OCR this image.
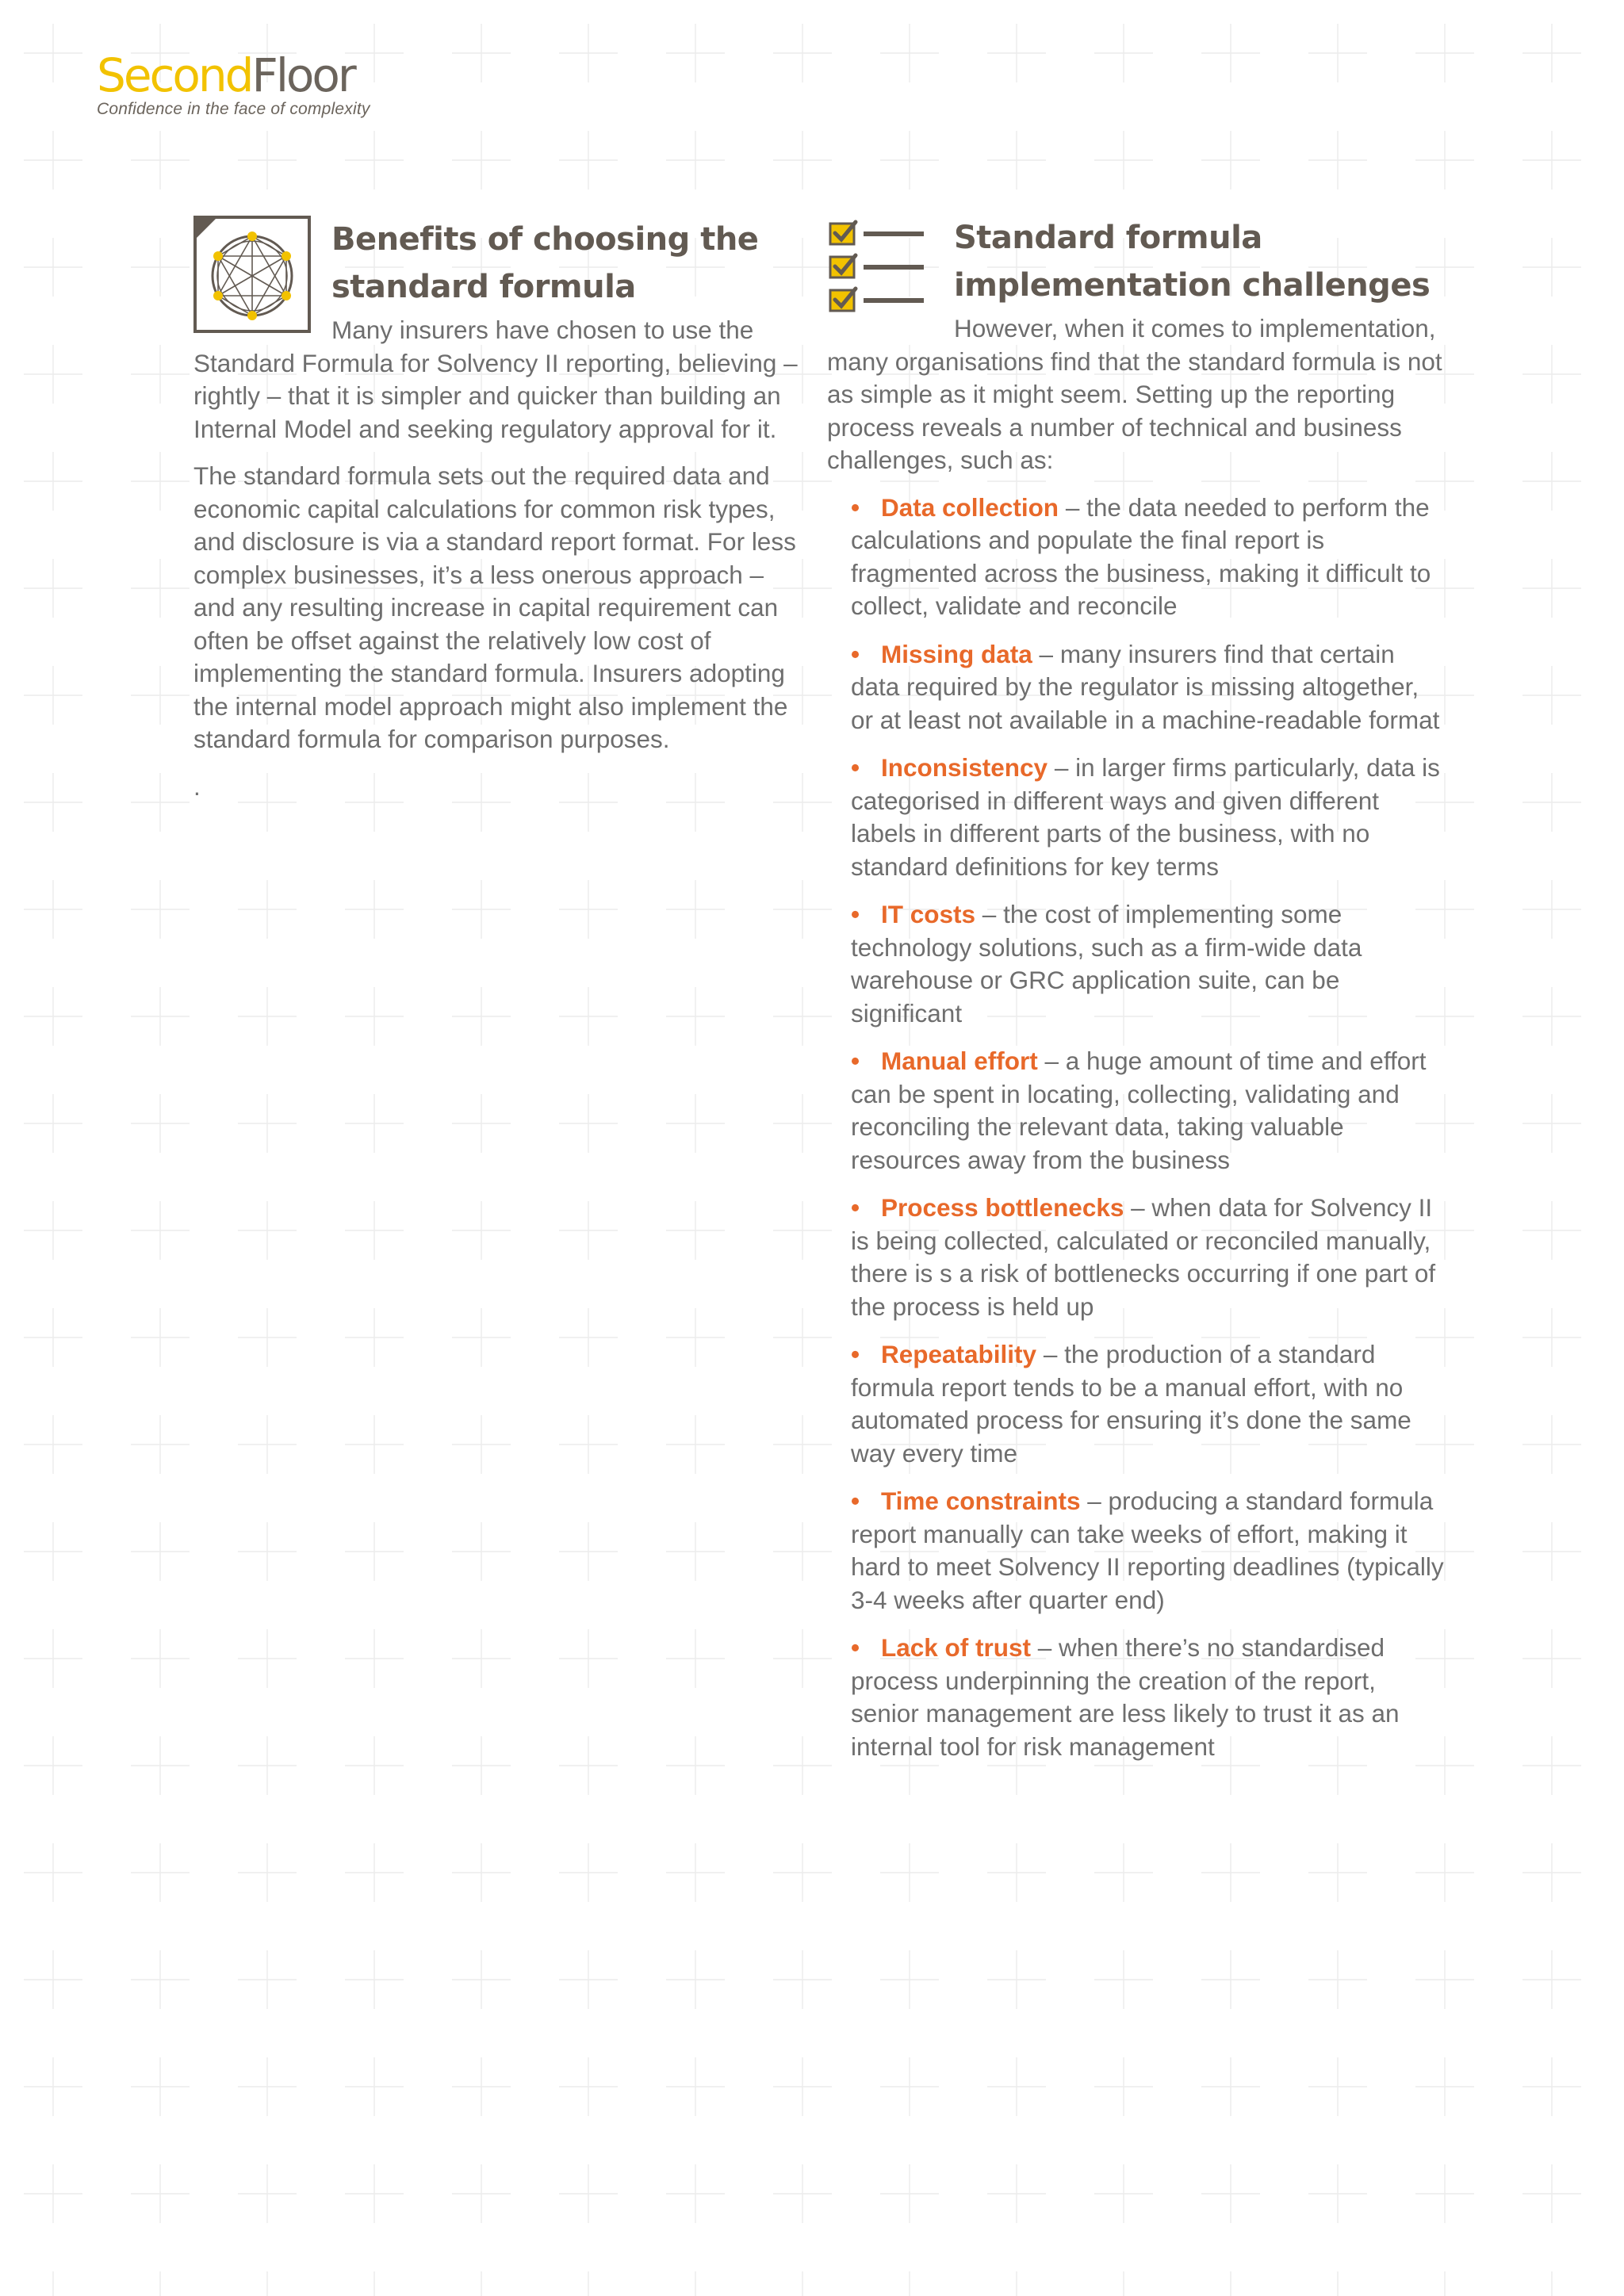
SecondFloor
Confidence in the face of complexity
Benefits of choosing the
standard formula

Many insurers have chosen to use the Standard Formula for Solvency II reporting, believing – rightly – that it is simpler and quicker than building an Internal Model and seeking regulatory approval for it.

The standard formula sets out the required data and economic capital calculations for common risk types, and disclosure is via a standard report format. For less complex businesses, it’s a less onerous approach – and any resulting increase in capital requirement can often be offset against the relatively low cost of implementing the standard formula. Insurers adopting the internal model approach might also implement the standard formula for comparison purposes.

.

Standard formula
implementation challenges

However, when it comes to implementation, many organisations find that the standard formula is not as simple as it might seem. Setting up the reporting process reveals a number of technical and business challenges, such as:

• Data collection – the data needed to perform the calculations and populate the final report is fragmented across the business, making it difficult to collect, validate and reconcile
• Missing data – many insurers find that certain data required by the regulator is missing altogether, or at least not available in a machine-readable format
• Inconsistency – in larger firms particularly, data is categorised in different ways and given different labels in different parts of the business, with no standard definitions for key terms
• IT costs – the cost of implementing some technology solutions, such as a firm-wide data warehouse or GRC application suite, can be significant
• Manual effort – a huge amount of time and effort can be spent in locating, collecting, validating and reconciling the relevant data, taking valuable resources away from the business
• Process bottlenecks – when data for Solvency II is being collected, calculated or reconciled manually, there is s a risk of bottlenecks occurring if one part of the process is held up
• Repeatability – the production of a standard formula report tends to be a manual effort, with no automated process for ensuring it’s done the same way every time
• Time constraints – producing a standard formula report manually can take weeks of effort, making it hard to meet Solvency II reporting deadlines (typically 3-4 weeks after quarter end)
• Lack of trust – when there’s no standardised process underpinning the creation of the report, senior management are less likely to trust it as an internal tool for risk management
